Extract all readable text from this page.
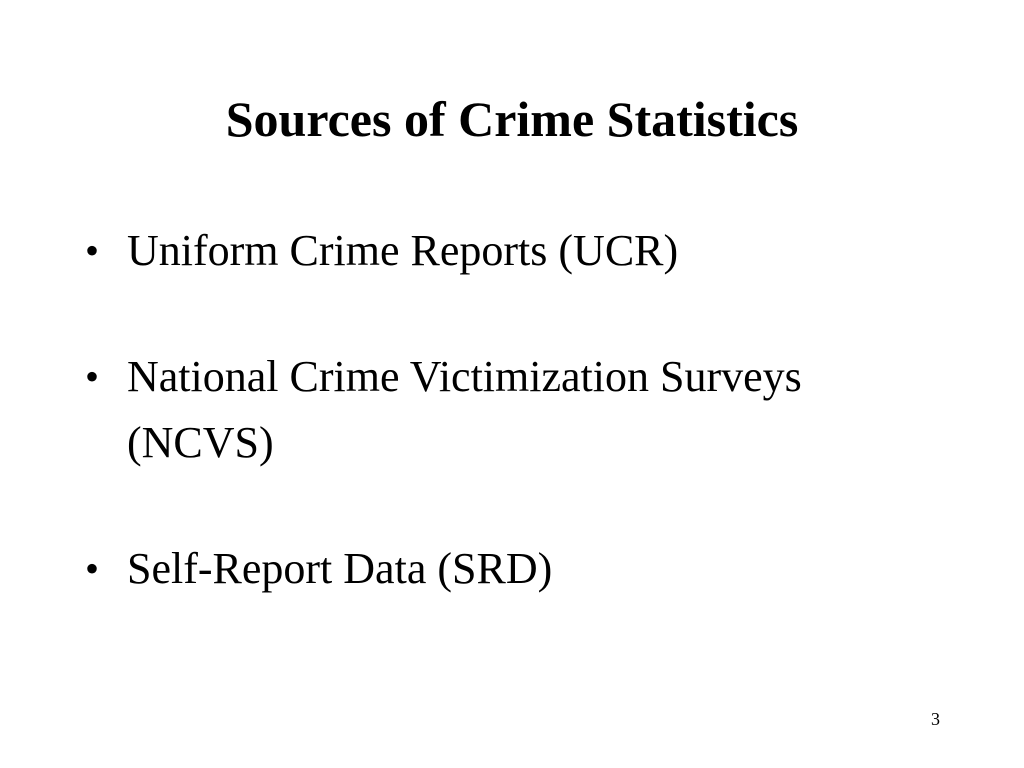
Sources of Crime Statistics
• Uniform Crime Reports (UCR)
• National Crime Victimization Surveys (NCVS)
• Self-Report Data (SRD)
3
